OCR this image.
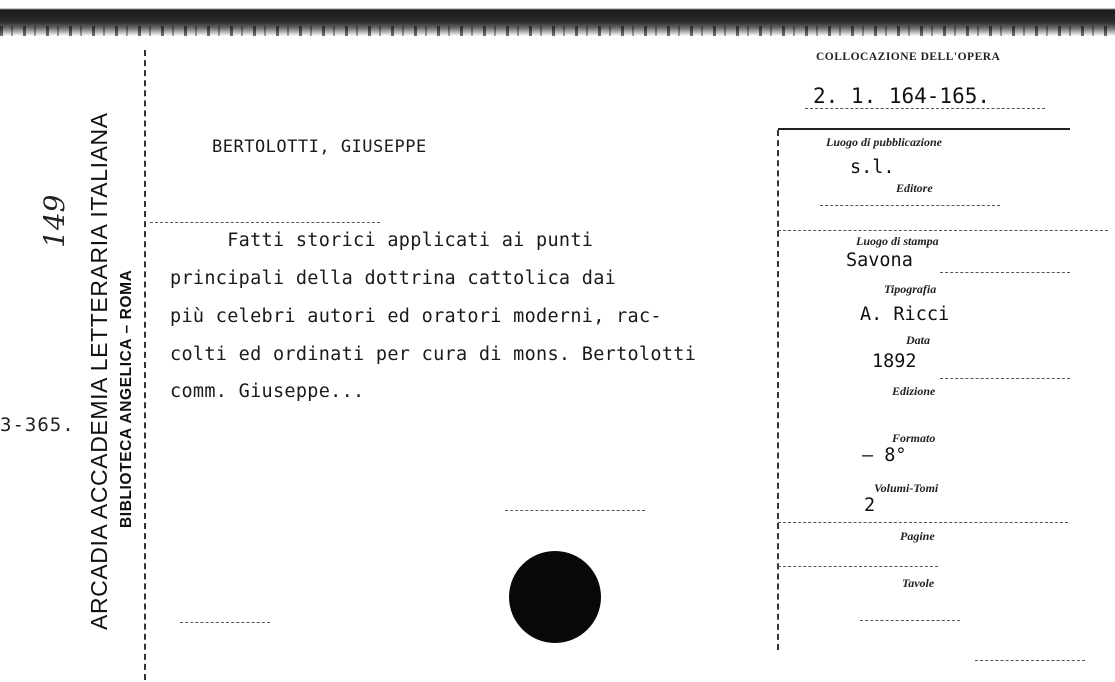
3-365. ARCADIA ACCADEMIA LETTERARIA ITALIANA BIBLIOTECA ANGELICA – ROMA
149
COLLOCAZIONE DELL'OPERA
2. 1. 164-165.
BERTOLOTTI, GIUSEPPE
Fatti storici applicati ai punti
principali della dottrina cattolica dai
più celebri autori ed oratori moderni, rac-
colti ed ordinati per cura di mons. Bertolotti
comm. Giuseppe...
Luogo di pubblicazione
s.l.
Editore
Luogo di stampa
Savona
Tipografia
A. Ricci
Data
1892
Edizione
Formato
– 8°
Volumi-Tomi
2
Pagine
Tavole
